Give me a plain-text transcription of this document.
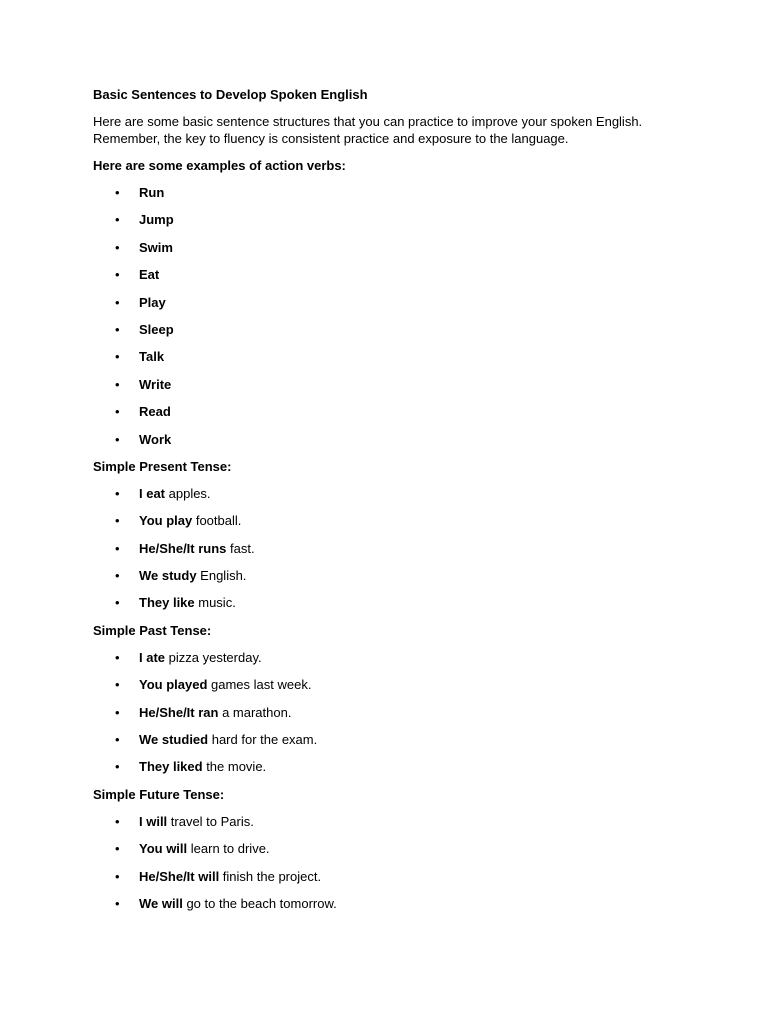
Basic Sentences to Develop Spoken English

Here are some basic sentence structures that you can practice to improve your spoken English.

Remember, the key to fluency is consistent practice and exposure to the language.

Here are some examples of action verbs:
• Run
• Jump
• Swim
• Eat
• Play
• Sleep
• Talk
• Write
• Read
• Work
Simple Present Tense:
• I eat apples.
• You play football.
• He/She/It runs fast.
• We study English.
• They like music.
Simple Past Tense:
• I ate pizza yesterday.
• You played games last week.
• He/She/It ran a marathon.
• We studied hard for the exam.
• They liked the movie.
Simple Future Tense:
• I will travel to Paris.
• You will learn to drive.
• He/She/It will finish the project.
• We will go to the beach tomorrow.
